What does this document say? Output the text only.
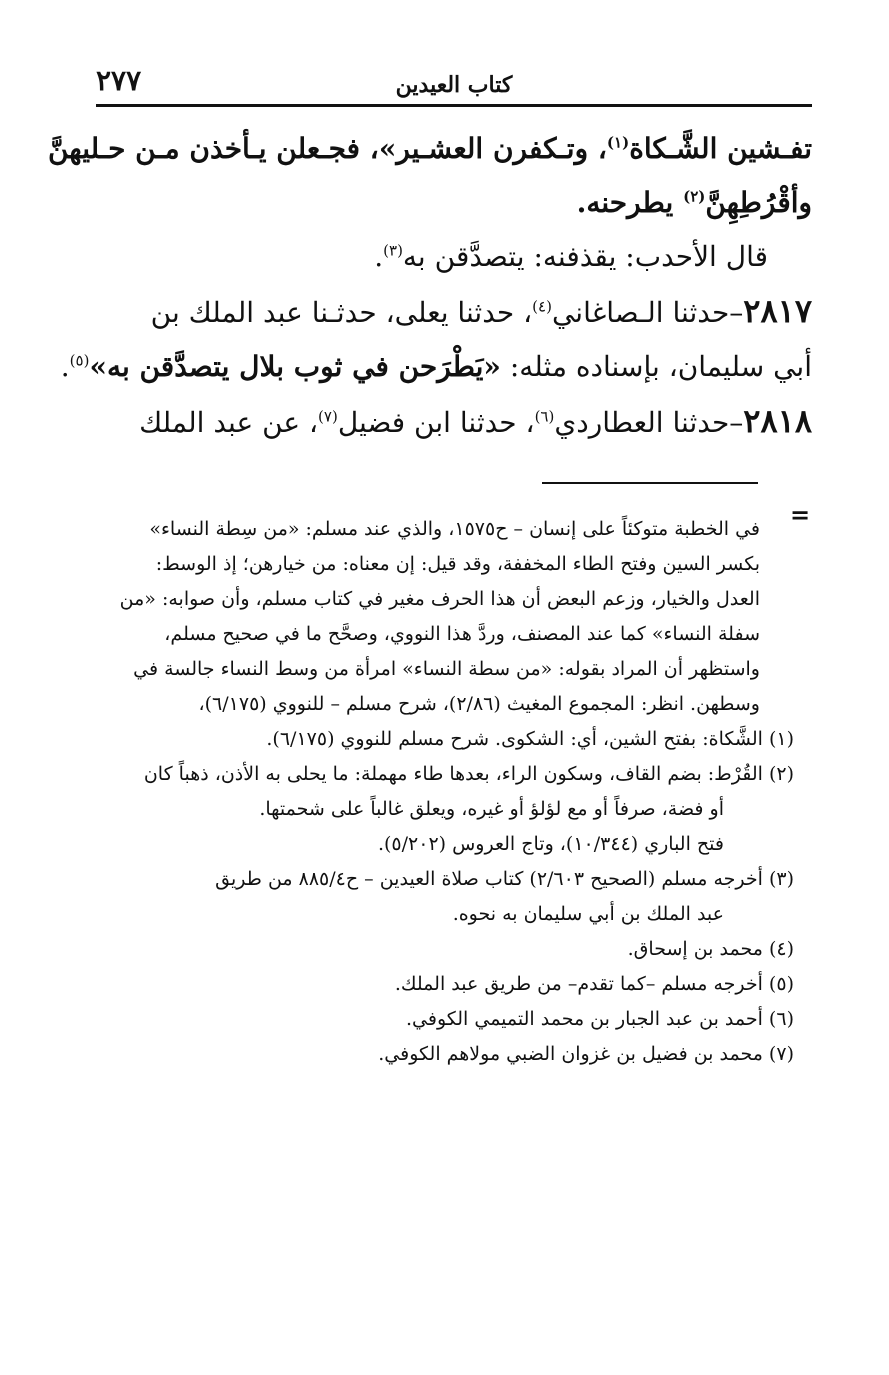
٢٧٧	كتاب العيدين
تفـشين الشَّـكاة$^{(١)}$، وتـكفرن العشـير»، فجـعلن يـأخذن مـن حـليهنَّ
وأقْرُطِهِنَّ$^{(٢)}$ يطرحنه.
قال الأحدب: يقذفنه: يتصدَّقن به$^{(٣)}$.
٢٨١٧–حدثنا الـصاغاني$^{(٤)}$، حدثنا يعلى، حدثـنا عبد الملك بن
أبي سليمان، بإسناده مثله: «يَطْرَحن في ثوب بلال يتصدَّقن به»$^{(٥)}$.
٢٨١٨–حدثنا العطاردي$^{(٦)}$، حدثنا ابن فضيل$^{(٧)}$، عن عبد الملك
=
في الخطبة متوكئاً على إنسان – ح١٥٧٥، والذي عند مسلم: «من سِطة النساء»
بكسر السين وفتح الطاء المخففة، وقد قيل: إن معناه: من خيارهن؛ إذ الوسط:
العدل والخيار، وزعم البعض أن هذا الحرف مغير في كتاب مسلم، وأن صوابه: «من
سفلة النساء» كما عند المصنف، وردَّ هذا النووي، وصحَّح ما في صحيح مسلم،
واستظهر أن المراد بقوله: «من سطة النساء» امرأة من وسط النساء جالسة في
وسطهن. انظر: المجموع المغيث (٢/٨٦)، شرح مسلم – للنووي (٦/١٧٥)،
(١) الشَّكاة: بفتح الشين، أي: الشكوى. شرح مسلم للنووي (٦/١٧٥).
(٢) القُرْط: بضم القاف، وسكون الراء، بعدها طاء مهملة: ما يحلى به الأذن، ذهباً كان
أو فضة، صرفاً أو مع لؤلؤ أو غيره، ويعلق غالباً على شحمتها.
فتح الباري (١٠/٣٤٤)، وتاج العروس (٥/٢٠٢).
(٣) أخرجه مسلم (الصحيح ٢/٦٠٣) كتاب صلاة العيدين – ح٨٨٥/٤ من طريق
عبد الملك بن أبي سليمان به نحوه.
(٤) محمد بن إسحاق.
(٥) أخرجه مسلم –كما تقدم– من طريق عبد الملك.
(٦) أحمد بن عبد الجبار بن محمد التميمي الكوفي.
(٧) محمد بن فضيل بن غزوان الضبي مولاهم الكوفي.
